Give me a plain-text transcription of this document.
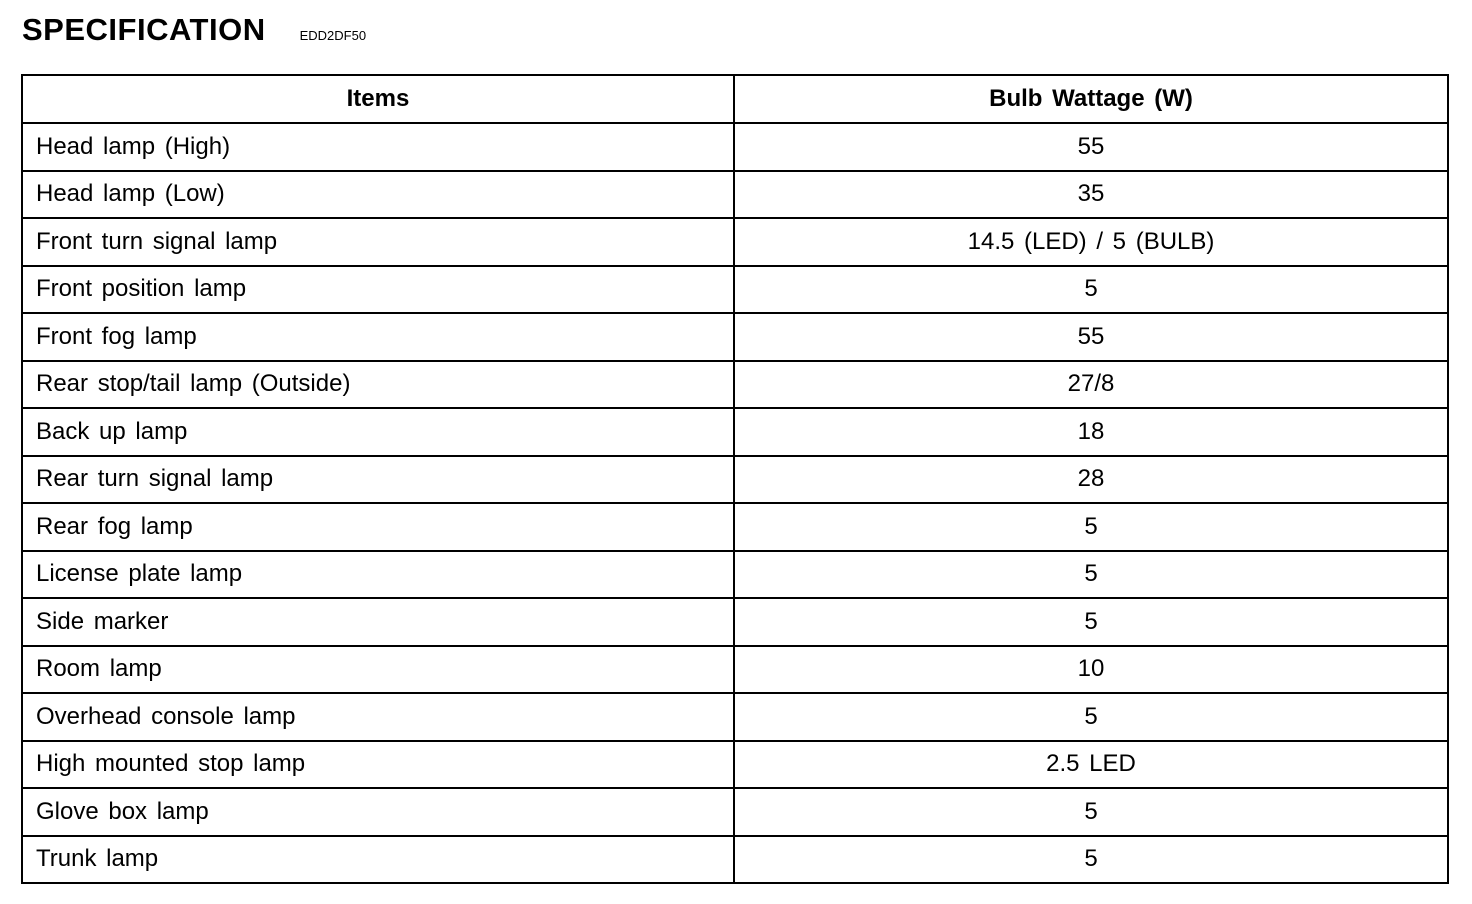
SPECIFICATION	EDD2DF50
Items	Bulb Wattage (W)
Head lamp (High)	55
Head lamp (Low)	35
Front turn signal lamp	14.5 (LED) / 5 (BULB)
Front position lamp	5
Front fog lamp	55
Rear stop/tail lamp (Outside)	27/8
Back up lamp	18
Rear turn signal lamp	28
Rear fog lamp	5
License plate lamp	5
Side marker	5
Room lamp	10
Overhead console lamp	5
High mounted stop lamp	2.5 LED
Glove box lamp	5
Trunk lamp	5
